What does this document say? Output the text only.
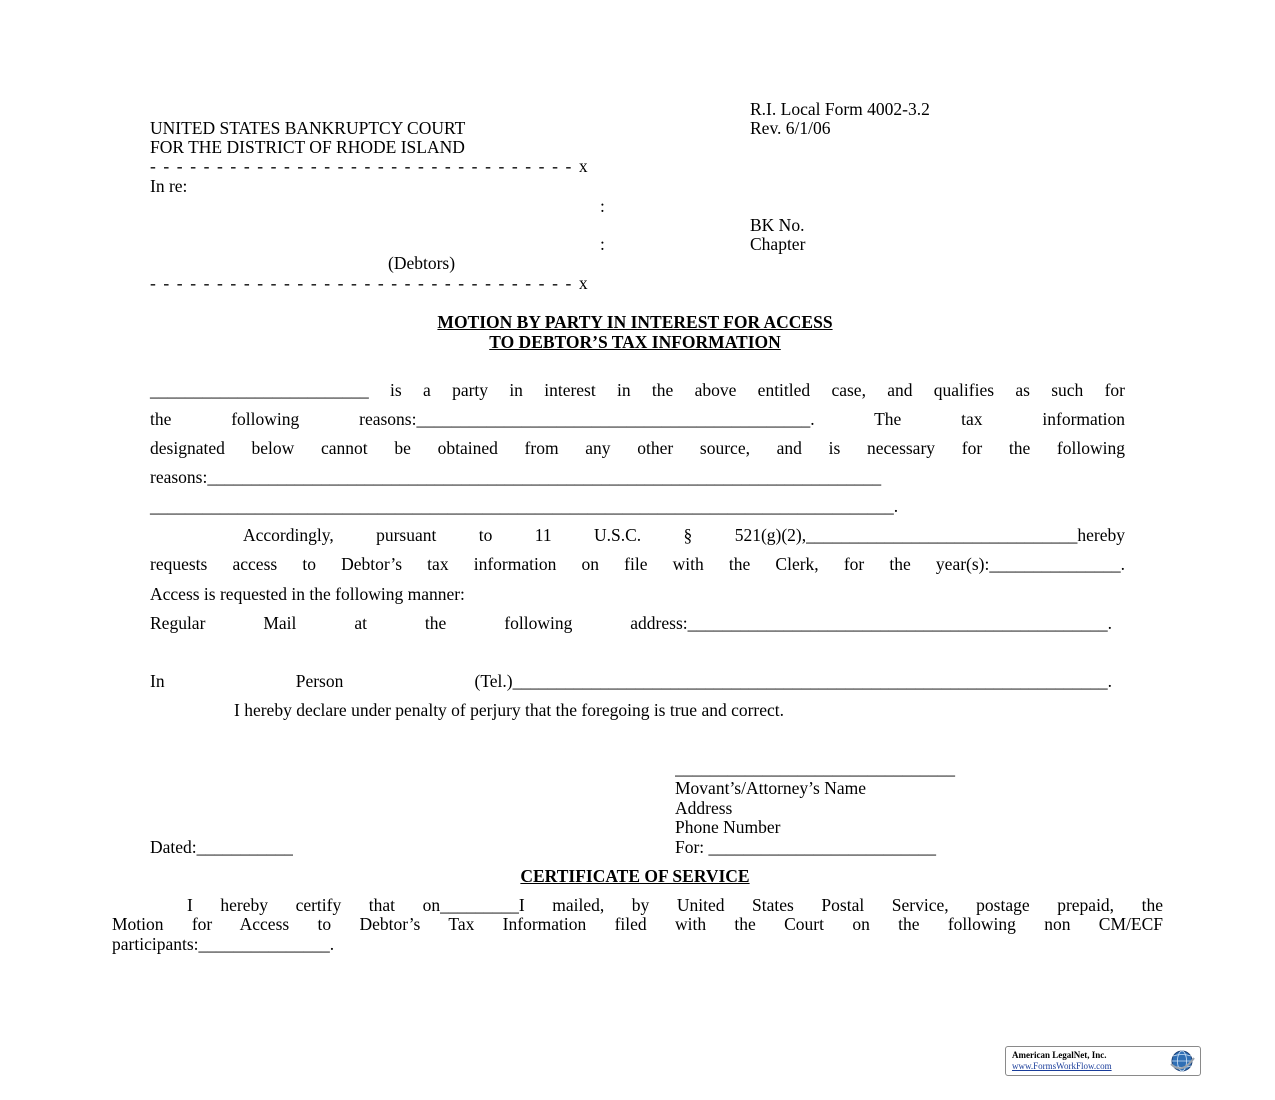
R.I. Local Form 4002-3.2
Rev. 6/1/06
UNITED STATES BANKRUPTCY COURT
FOR THE DISTRICT OF RHODE ISLAND
- - - - - - - - - - - - - - - - - - - - - - - - - - - - - - - - x
In re:
:
BK No.
:	Chapter
(Debtors)
- - - - - - - - - - - - - - - - - - - - - - - - - - - - - - - - x
MOTION BY PARTY IN INTEREST FOR ACCESS
TO DEBTOR’S TAX INFORMATION
_________________________ is a party in interest in the above entitled case, and qualifies as such for
the following reasons:_____________________________________________. The tax information
designated below cannot be obtained from any other source, and is necessary for the following
reasons:_____________________________________________________________________________
_____________________________________________________________________________________.
Accordingly, pursuant to 11 U.S.C. § 521(g)(2),_______________________________hereby
requests access to Debtor’s tax information on file with the Clerk, for the year(s):_______________.
Access is requested in the following manner:
Regular Mail at the following address:________________________________________________.
In Person (Tel.)____________________________________________________________________.
I hereby declare under penalty of perjury that the foregoing is true and correct.
________________________________
Movant’s/Attorney’s Name
Address
Phone Number
For: __________________________
Dated:___________
CERTIFICATE OF SERVICE
I hereby certify that on_________I mailed, by United States Postal Service, postage prepaid, the
Motion for Access to Debtor’s Tax Information filed with the Court on the following non CM/ECF
participants:_______________.
American LegalNet, Inc.
www.FormsWorkFlow.com
